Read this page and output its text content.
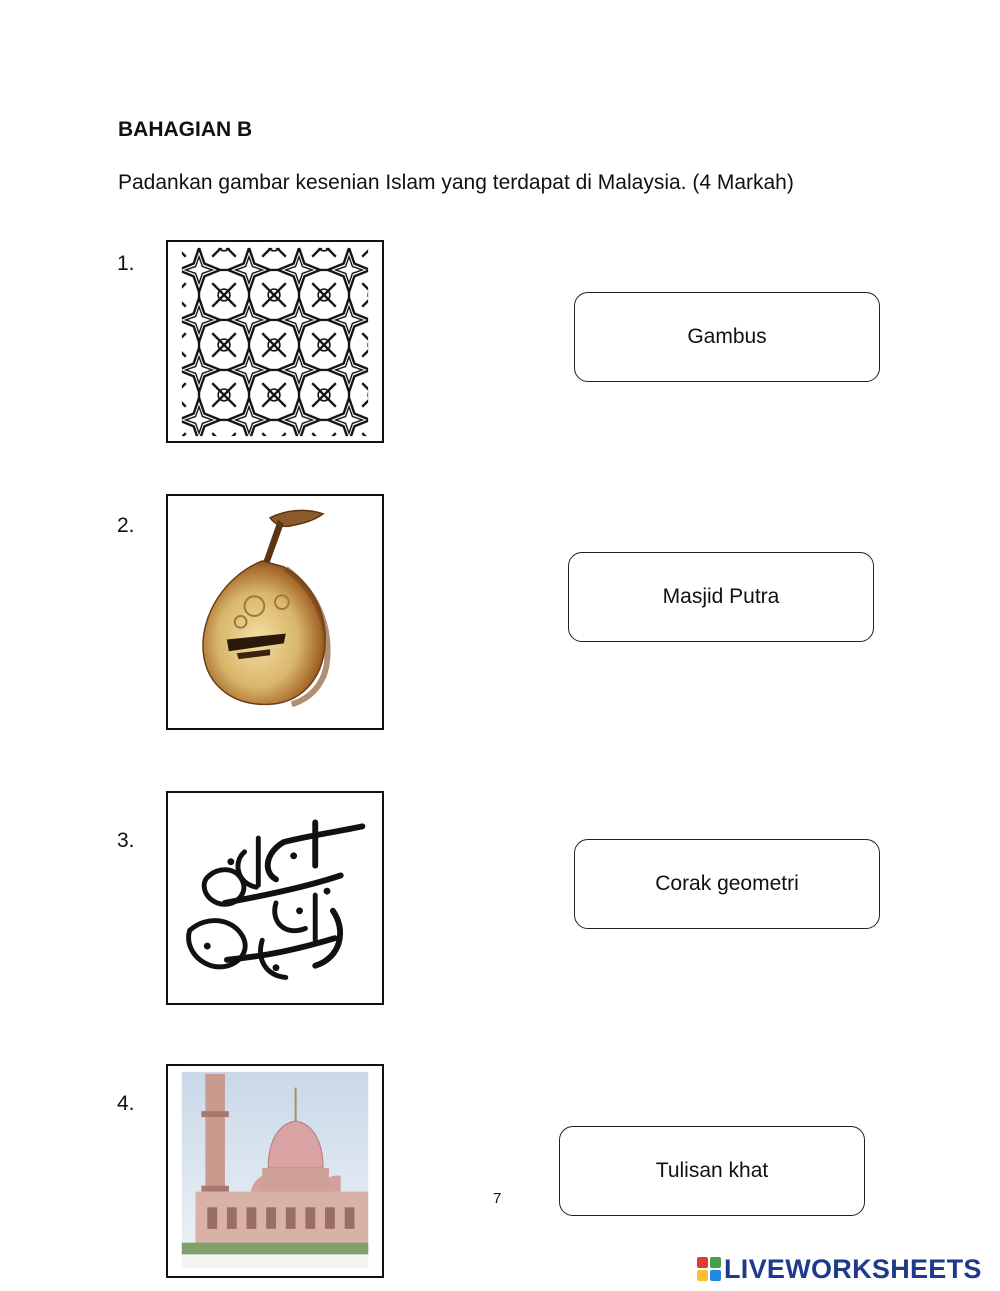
BAHAGIAN B
Padankan gambar kesenian Islam yang terdapat di Malaysia. (4 Markah)
1.
2.
3.
4.
Gambus
Masjid Putra
Corak geometri
Tulisan khat
7
LIVEWORKSHEETS
